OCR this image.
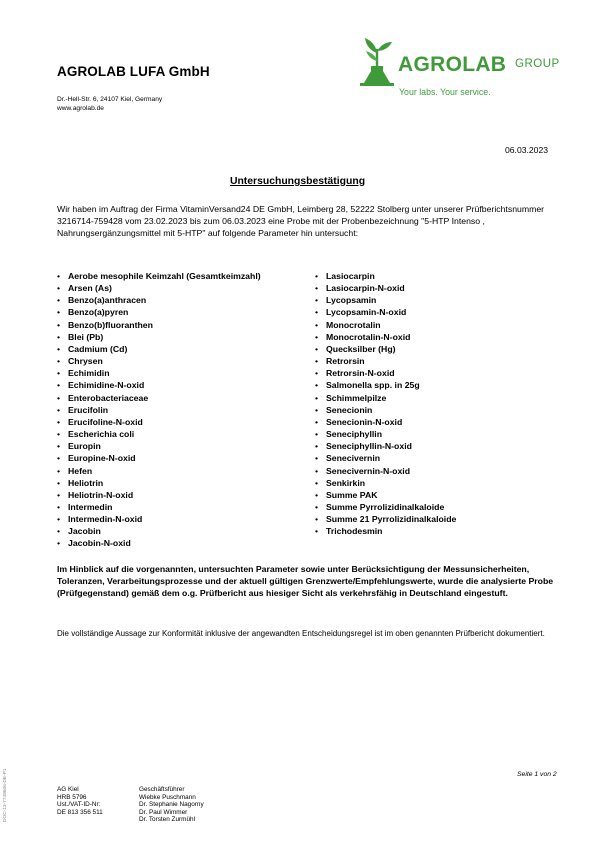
AGROLAB LUFA GmbH
Dr.-Hell-Str. 6, 24107 Kiel, Germany
www.agrolab.de
AGROLAB GROUP
Your labs. Your service.
06.03.2023
Untersuchungsbestätigung
Wir haben im Auftrag der Firma VitaminVersand24 DE GmbH, Leimberg 28, 52222 Stolberg unter unserer Prüfberichtsnummer 3216714-759428 vom 23.02.2023 bis zum 06.03.2023 eine Probe mit der Probenbezeichnung "5-HTP Intenso , Nahrungsergänzungsmittel mit 5-HTP" auf folgende Parameter hin untersucht:
• Aerobe mesophile Keimzahl (Gesamtkeimzahl)
• Arsen (As)
• Benzo(a)anthracen
• Benzo(a)pyren
• Benzo(b)fluoranthen
• Blei (Pb)
• Cadmium (Cd)
• Chrysen
• Echimidin
• Echimidine-N-oxid
• Enterobacteriaceae
• Erucifolin
• Erucifoline-N-oxid
• Escherichia coli
• Europin
• Europine-N-oxid
• Hefen
• Heliotrin
• Heliotrin-N-oxid
• Intermedin
• Intermedin-N-oxid
• Jacobin
• Jacobin-N-oxid
• Lasiocarpin
• Lasiocarpin-N-oxid
• Lycopsamin
• Lycopsamin-N-oxid
• Monocrotalin
• Monocrotalin-N-oxid
• Quecksilber (Hg)
• Retrorsin
• Retrorsin-N-oxid
• Salmonella spp. in 25g
• Schimmelpilze
• Senecionin
• Senecionin-N-oxid
• Seneciphyllin
• Seneciphyllin-N-oxid
• Senecivernin
• Senecivernin-N-oxid
• Senkirkin
• Summe PAK
• Summe Pyrrolizidinalkaloide
• Summe 21 Pyrrolizidinalkaloide
• Trichodesmin
Im Hinblick auf die vorgenannten, untersuchten Parameter sowie unter Berücksichtigung der Messunsicherheiten, Toleranzen, Verarbeitungsprozesse und der aktuell gültigen Grenzwerte/Empfehlungswerte, wurde die analysierte Probe (Prüfgegenstand) gemäß dem o.g. Prüfbericht aus hiesiger Sicht als verkehrsfähig in Deutschland eingestuft.
Die vollständige Aussage zur Konformität inklusive der angewandten Entscheidungsregel ist im oben genannten Prüfbericht dokumentiert.
Seite 1 von 2
AG Kiel
HRB 5796
Ust./VAT-ID-Nr:
DE 813 356 511
Geschäftsführer
Wiebke Puschmann
Dr. Stephanie Nagorny
Dr. Paul Wimmer
Dr. Torsten Zurmühl
DOC-13-7748606-DE-P1
